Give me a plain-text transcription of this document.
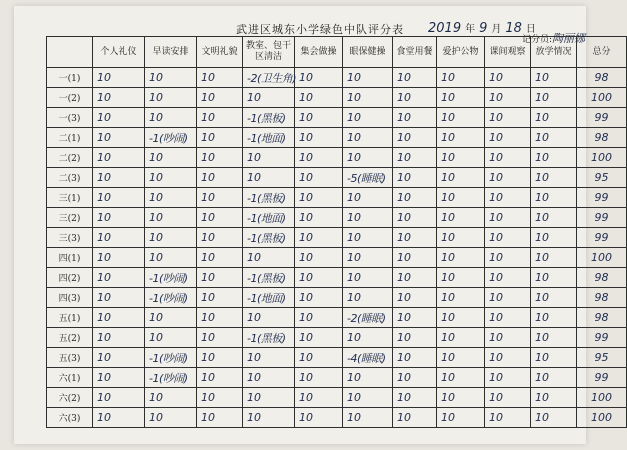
武进区城东小学绿色中队评分表 2019 年 9 月 18 日
记分员:陶丽娜
	个人礼仪	早读安排	文明礼貌	教室、包干区清洁	集会做操	眼保健操	食堂用餐	爱护公物	课间观察	放学情况	总分
一(1)	10	10	10	-2(卫生角)	10	10	10	10	10	10	98
一(2)	10	10	10	10	10	10	10	10	10	10	100
一(3)	10	10	10	-1(黑板)	10	10	10	10	10	10	99
二(1)	10	-1(吵闹)	10	-1(地面)	10	10	10	10	10	10	98
二(2)	10	10	10	10	10	10	10	10	10	10	100
二(3)	10	10	10	10	10	-5(睡眠)	10	10	10	10	95
三(1)	10	10	10	-1(黑板)	10	10	10	10	10	10	99
三(2)	10	10	10	-1(地面)	10	10	10	10	10	10	99
三(3)	10	10	10	-1(黑板)	10	10	10	10	10	10	99
四(1)	10	10	10	10	10	10	10	10	10	10	100
四(2)	10	-1(吵闹)	10	-1(黑板)	10	10	10	10	10	10	98
四(3)	10	-1(吵闹)	10	-1(地面)	10	10	10	10	10	10	98
五(1)	10	10	10	10	10	-2(睡眠)	10	10	10	10	98
五(2)	10	10	10	-1(黑板)	10	10	10	10	10	10	99
五(3)	10	-1(吵闹)	10	10	10	-4(睡眠)	10	10	10	10	95
六(1)	10	-1(吵闹)	10	10	10	10	10	10	10	10	99
六(2)	10	10	10	10	10	10	10	10	10	10	100
六(3)	10	10	10	10	10	10	10	10	10	10	100
